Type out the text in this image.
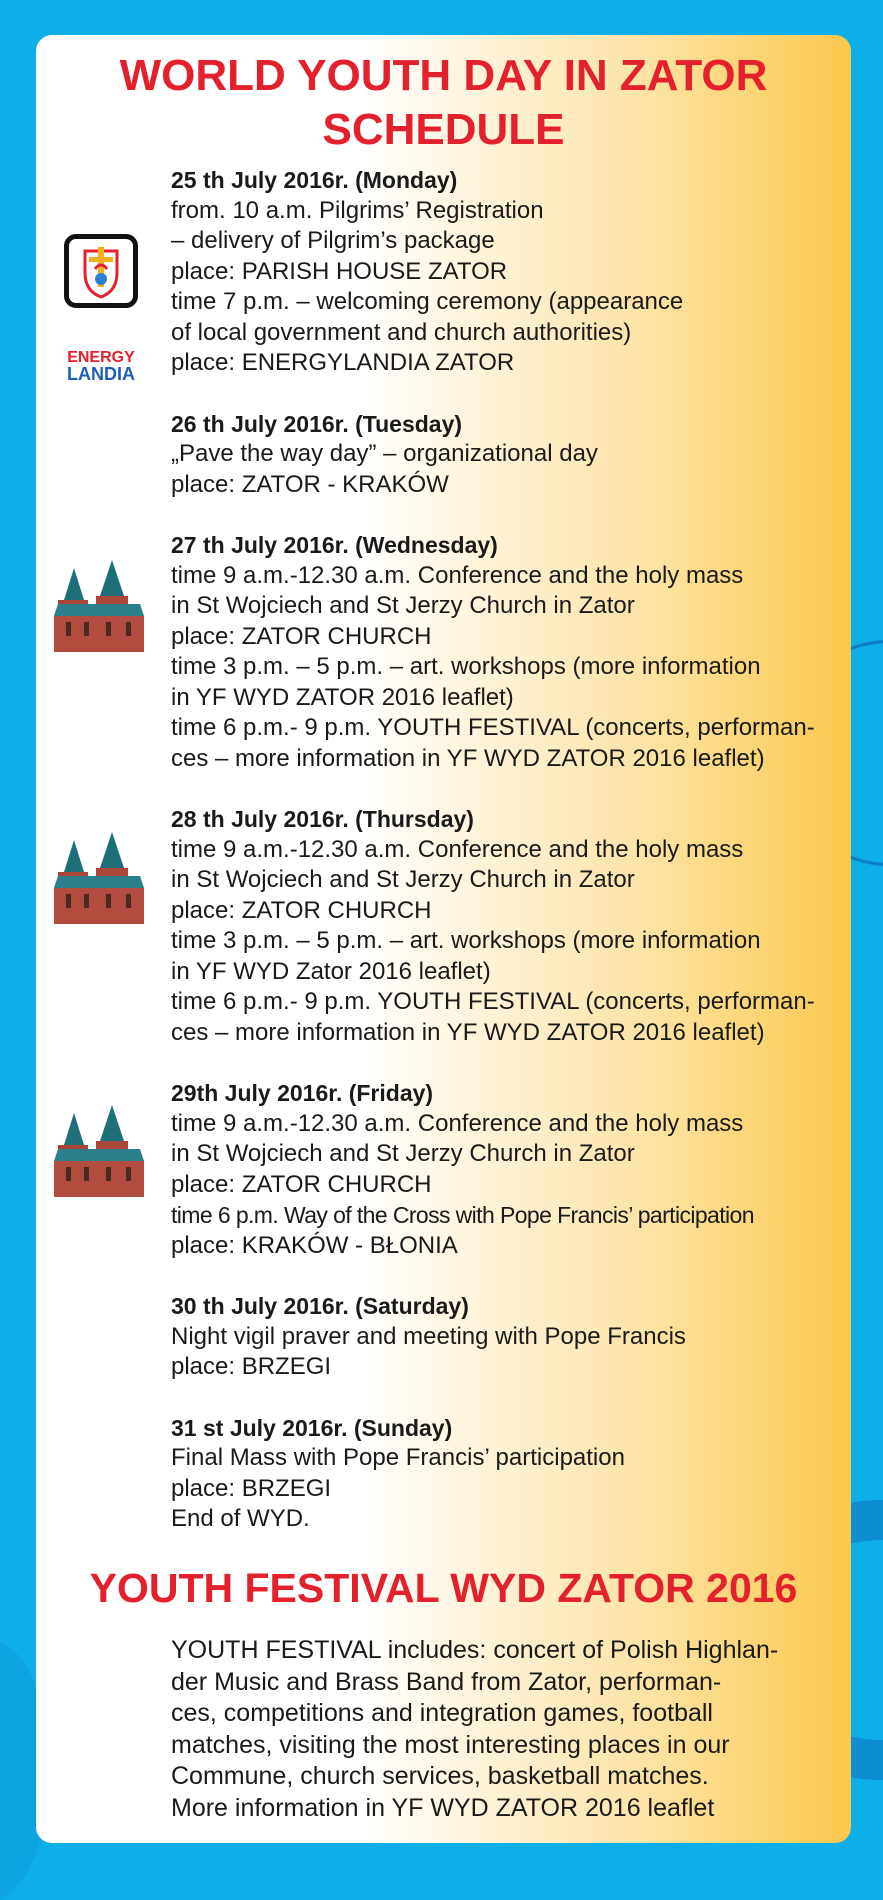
WORLD YOUTH DAY IN ZATOR
SCHEDULE
ENERGY
LANDIA
25 th July 2016r. (Monday)
from. 10 a.m. Pilgrims’ Registration
– delivery of Pilgrim’s package
place: PARISH HOUSE ZATOR
time 7 p.m. – welcoming ceremony (appearance
of local government and church authorities)
place: ENERGYLANDIA ZATOR
26 th July 2016r. (Tuesday)
„Pave the way day” – organizational day
place: ZATOR - KRAKÓW
27 th July 2016r. (Wednesday)
time 9 a.m.-12.30 a.m. Conference and the holy mass
in St Wojciech and St Jerzy Church in Zator
place: ZATOR CHURCH
time 3 p.m. – 5 p.m. – art. workshops (more information
in YF WYD ZATOR 2016 leaflet)
time 6 p.m.- 9 p.m. YOUTH FESTIVAL (concerts, performan-
ces – more information in YF WYD ZATOR 2016 leaflet)
28 th July 2016r. (Thursday)
time 9 a.m.-12.30 a.m. Conference and the holy mass
in St Wojciech and St Jerzy Church in Zator
place: ZATOR CHURCH
time 3 p.m. – 5 p.m. – art. workshops (more information
in YF WYD Zator 2016 leaflet)
time 6 p.m.- 9 p.m. YOUTH FESTIVAL (concerts, performan-
ces – more information in YF WYD ZATOR 2016 leaflet)
29th July 2016r. (Friday)
time 9 a.m.-12.30 a.m. Conference and the holy mass
in St Wojciech and St Jerzy Church in Zator
place: ZATOR CHURCH
time 6 p.m. Way of the Cross with Pope Francis’ participation
place: KRAKÓW - BŁONIA
30 th July 2016r. (Saturday)
Night vigil praver and meeting with Pope Francis
place: BRZEGI
31 st July 2016r. (Sunday)
Final Mass with Pope Francis’ participation
place: BRZEGI
End of WYD.
YOUTH FESTIVAL WYD ZATOR 2016
YOUTH FESTIVAL includes: concert of Polish Highlan-
der Music and Brass Band from Zator, performan-
ces, competitions and integration games, football
matches, visiting the most interesting places in our
Commune, church services, basketball matches.
More information in YF WYD ZATOR 2016 leaflet
